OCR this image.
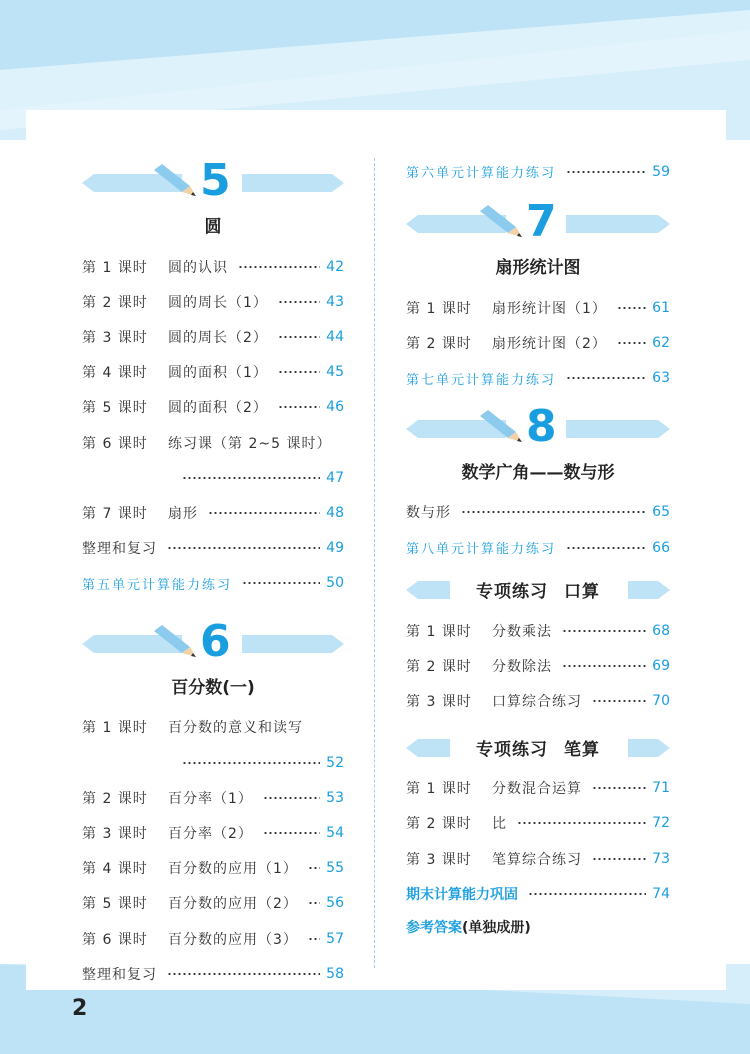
5
圆
第 1 课时	圆的认识	42
第 2 课时	圆的周长（1）	43
第 3 课时	圆的周长（2）	44
第 4 课时	圆的面积（1）	45
第 5 课时	圆的面积（2）	46
第 6 课时	练习课（第 2~5 课时）
47
第 7 课时	扇形	48
整理和复习	49
第五单元计算能力练习	50
6
百分数(一)
第 1 课时	百分数的意义和读写
52
第 2 课时	百分率（1）	53
第 3 课时	百分率（2）	54
第 4 课时	百分数的应用（1） 55
第 5 课时	百分数的应用（2） 56
第 6 课时	百分数的应用（3） 57
整理和复习	58
第六单元计算能力练习	59
7
扇形统计图
第 1 课时	扇形统计图（1）	61
第 2 课时	扇形统计图（2）	62
第七单元计算能力练习	63
8
数学广角——数与形
数与形	65
第八单元计算能力练习	66
专项练习 口算
第 1 课时	分数乘法	68
第 2 课时	分数除法	69
第 3 课时	口算综合练习	70
专项练习 笔算
第 1 课时	分数混合运算	71
第 2 课时	比	72
第 3 课时	笔算综合练习	73
期末计算能力巩固	74
参考答案(单独成册)
2
